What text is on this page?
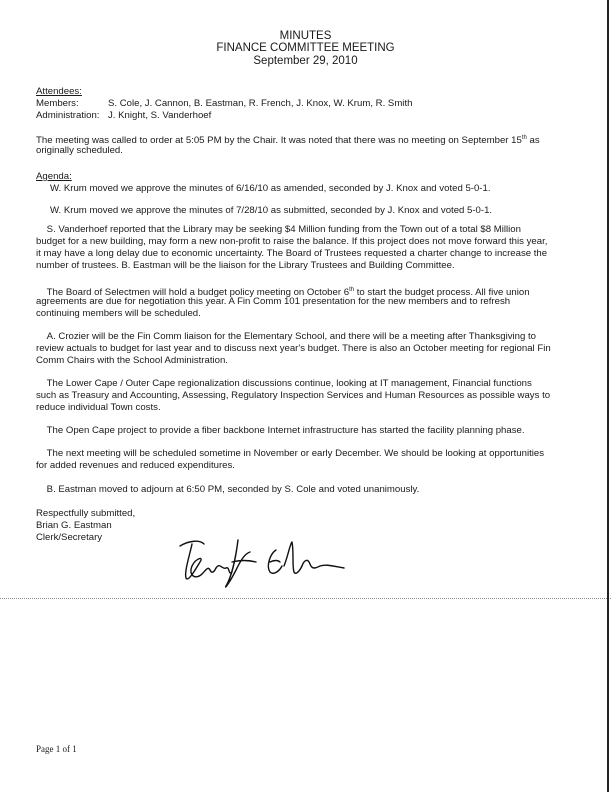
MINUTES
FINANCE COMMITTEE MEETING
September 29, 2010
Attendees:
Members:	S. Cole, J. Cannon, B. Eastman, R. French, J. Knox, W. Krum, R. Smith
Administration: J. Knight, S. Vanderhoef
The meeting was called to order at 5:05 PM by the Chair. It was noted that there was no meeting on September 15th as
originally scheduled.
Agenda:
W. Krum moved we approve the minutes of 6/16/10 as amended, seconded by J. Knox and voted 5-0-1.
W. Krum moved we approve the minutes of 7/28/10 as submitted, seconded by J. Knox and voted 5-0-1.
S. Vanderhoef reported that the Library may be seeking $4 Million funding from the Town out of a total $8 Million
budget for a new building, may form a new non-profit to raise the balance. If this project does not move forward this year,
it may have a long delay due to economic uncertainty. The Board of Trustees requested a charter change to increase the
number of trustees. B. Eastman will be the liaison for the Library Trustees and Building Committee.
The Board of Selectmen will hold a budget policy meeting on October 6th to start the budget process. All five union
agreements are due for negotiation this year. A Fin Comm 101 presentation for the new members and to refresh
continuing members will be scheduled.
A. Crozier will be the Fin Comm liaison for the Elementary School, and there will be a meeting after Thanksgiving to
review actuals to budget for last year and to discuss next year's budget. There is also an October meeting for regional Fin
Comm Chairs with the School Administration.
The Lower Cape / Outer Cape regionalization discussions continue, looking at IT management, Financial functions
such as Treasury and Accounting, Assessing, Regulatory Inspection Services and Human Resources as possible ways to
reduce individual Town costs.
The Open Cape project to provide a fiber backbone Internet infrastructure has started the facility planning phase.
The next meeting will be scheduled sometime in November or early December. We should be looking at opportunities
for added revenues and reduced expenditures.
B. Eastman moved to adjourn at 6:50 PM, seconded by S. Cole and voted unanimously.
Respectfully submitted,
Brian G. Eastman
Clerk/Secretary
Page 1 of 1
